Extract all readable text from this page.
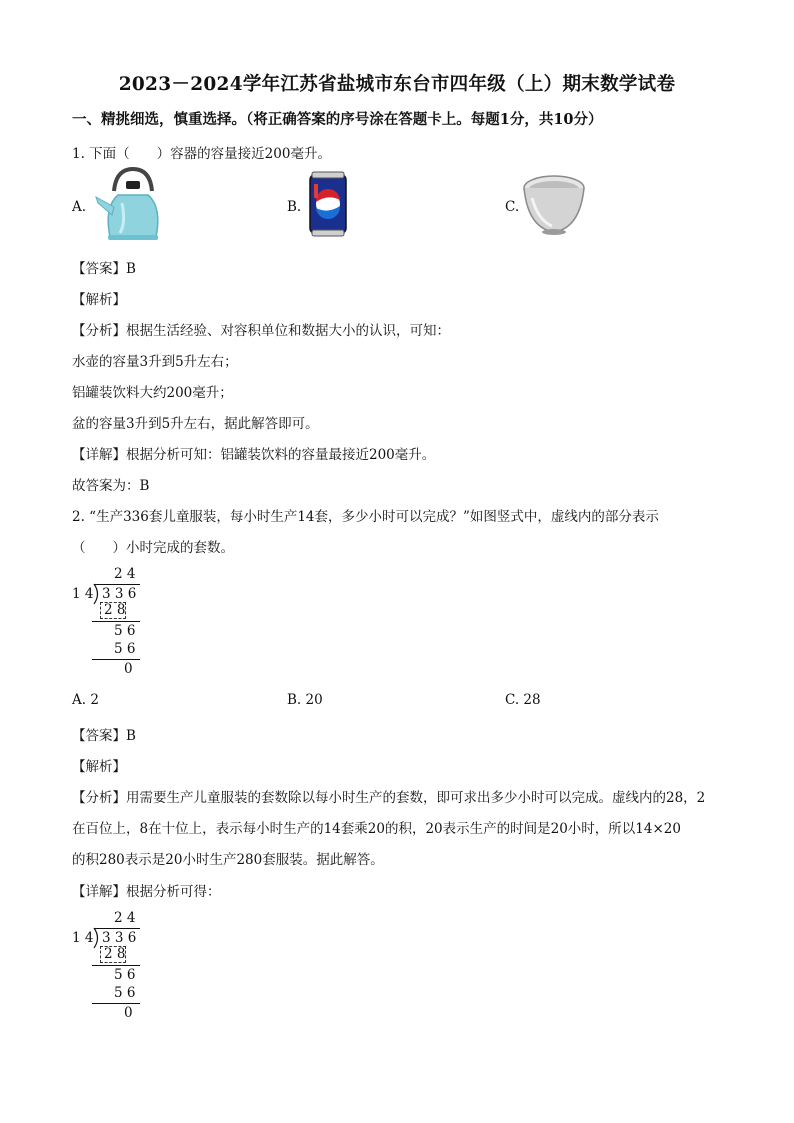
2023－2024学年江苏省盐城市东台市四年级（上）期末数学试卷
一、精挑细选，慎重选择。（将正确答案的序号涂在答题卡上。每题1分，共10分）
1. 下面（　　）容器的容量接近200毫升。
A.	B.	C.
【答案】B
【解析】
【分析】根据生活经验、对容积单位和数据大小的认识，可知：
水壶的容量3升到5升左右；
铝罐装饮料大约200毫升；
盆的容量3升到5升左右，据此解答即可。
【详解】根据分析可知：铝罐装饮料的容量最接近200毫升。
故答案为：B
2. “生产336套儿童服装，每小时生产14套，多少小时可以完成？”如图竖式中，虚线内的部分表示
（　　）小时完成的套数。
2 4
1 4 3 3 6
2 8
5 6
5 6
0
A. 2	B. 20	C. 28
【答案】B
【解析】
【分析】用需要生产儿童服装的套数除以每小时生产的套数，即可求出多少小时可以完成。虚线内的28，2
在百位上，8在十位上，表示每小时生产的14套乘20的积，20表示生产的时间是20小时，所以14×20
的积280表示是20小时生产280套服装。据此解答。
【详解】根据分析可得：
2 4
1 4 3 3 6
2 8
5 6
5 6
0
